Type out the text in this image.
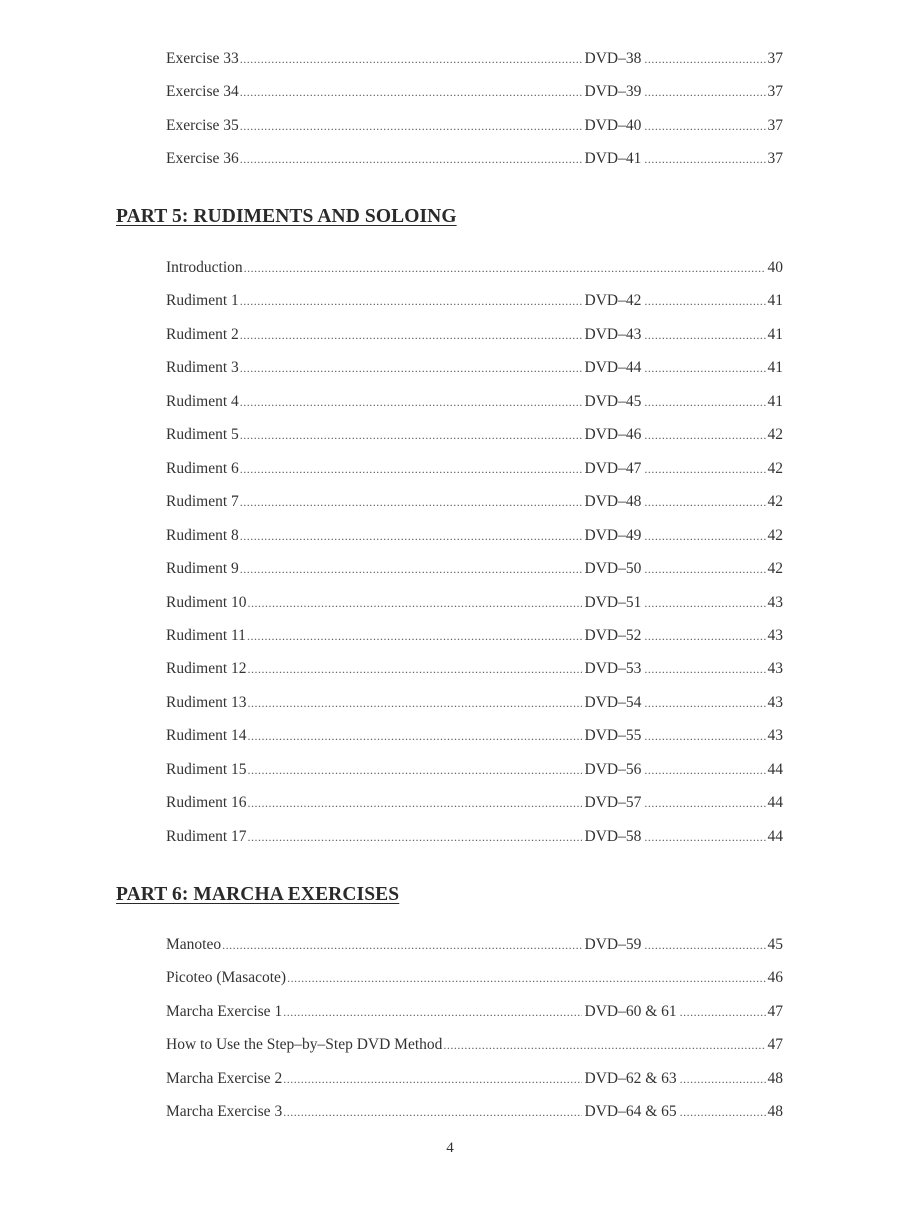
Exercise 33 .....	DVD–38 .....	37
Exercise 34 .....	DVD–39 .....	37
Exercise 35 .....	DVD–40 .....	37
Exercise 36 .....	DVD–41 .....	37
PART 5: RUDIMENTS AND SOLOING
Introduction .....	40
Rudiment 1 .....	DVD–42 .....	41
Rudiment 2 .....	DVD–43 .....	41
Rudiment 3 .....	DVD–44 .....	41
Rudiment 4 .....	DVD–45 .....	41
Rudiment 5 .....	DVD–46 .....	42
Rudiment 6 .....	DVD–47 .....	42
Rudiment 7 .....	DVD–48 .....	42
Rudiment 8 .....	DVD–49 .....	42
Rudiment 9 .....	DVD–50 .....	42
Rudiment 10 .....	DVD–51 .....	43
Rudiment 11 .....	DVD–52 .....	43
Rudiment 12 .....	DVD–53 .....	43
Rudiment 13 .....	DVD–54 .....	43
Rudiment 14 .....	DVD–55 .....	43
Rudiment 15 .....	DVD–56 .....	44
Rudiment 16 .....	DVD–57 .....	44
Rudiment 17 .....	DVD–58 .....	44
PART 6: MARCHA EXERCISES
Manoteo .....	DVD–59 .....	45
Picoteo (Masacote) .....	46
Marcha Exercise 1 .....	DVD–60 & 61 .....	47
How to Use the Step–by–Step DVD Method .....	47
Marcha Exercise 2 .....	DVD–62 & 63 .....	48
Marcha Exercise 3 .....	DVD–64 & 65 .....	48
4
